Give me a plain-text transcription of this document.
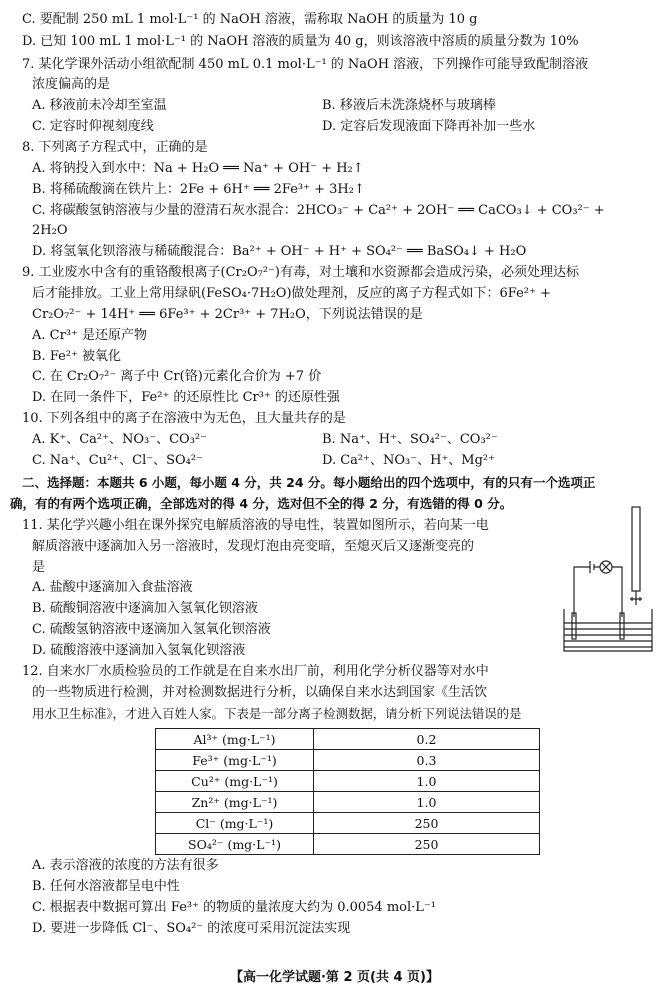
C. 要配制 250 mL 1 mol·L⁻¹ 的 NaOH 溶液，需称取 NaOH 的质量为 10 g
D. 已知 100 mL 1 mol·L⁻¹ 的 NaOH 溶液的质量为 40 g，则该溶液中溶质的质量分数为 10%
7. 某化学课外活动小组欲配制 450 mL 0.1 mol·L⁻¹ 的 NaOH 溶液，下列操作可能导致配制溶液
浓度偏高的是
A. 移液前未冷却至室温	B. 移液后未洗涤烧杯与玻璃棒
C. 定容时仰视刻度线	D. 定容后发现液面下降再补加一些水
8. 下列离子方程式中，正确的是
A. 将钠投入到水中：Na + H₂O ══ Na⁺ + OH⁻ + H₂↑
B. 将稀硫酸滴在铁片上：2Fe + 6H⁺ ══ 2Fe³⁺ + 3H₂↑
C. 将碳酸氢钠溶液与少量的澄清石灰水混合：2HCO₃⁻ + Ca²⁺ + 2OH⁻ ══ CaCO₃↓ + CO₃²⁻ +
2H₂O
D. 将氢氧化钡溶液与稀硫酸混合：Ba²⁺ + OH⁻ + H⁺ + SO₄²⁻ ══ BaSO₄↓ + H₂O
9. 工业废水中含有的重铬酸根离子(Cr₂O₇²⁻)有毒，对土壤和水资源都会造成污染，必须处理达标
后才能排放。工业上常用绿矾(FeSO₄·7H₂O)做处理剂，反应的离子方程式如下：6Fe²⁺ +
Cr₂O₇²⁻ + 14H⁺ ══ 6Fe³⁺ + 2Cr³⁺ + 7H₂O，下列说法错误的是
A. Cr³⁺ 是还原产物
B. Fe²⁺ 被氧化
C. 在 Cr₂O₇²⁻ 离子中 Cr(铬)元素化合价为 +7 价
D. 在同一条件下，Fe²⁺ 的还原性比 Cr³⁺ 的还原性强
10. 下列各组中的离子在溶液中为无色，且大量共存的是
A. K⁺、Ca²⁺、NO₃⁻、CO₃²⁻	B. Na⁺、H⁺、SO₄²⁻、CO₃²⁻
C. Na⁺、Cu²⁺、Cl⁻、SO₄²⁻	D. Ca²⁺、NO₃⁻、H⁺、Mg²⁺
二、选择题：本题共 6 小题，每小题 4 分，共 24 分。每小题给出的四个选项中，有的只有一个选项正
确，有的有两个选项正确，全部选对的得 4 分，选对但不全的得 2 分，有选错的得 0 分。
11. 某化学兴趣小组在课外探究电解质溶液的导电性，装置如图所示，若向某一电
解质溶液中逐滴加入另一溶液时，发现灯泡由亮变暗，至熄灭后又逐渐变亮的
是
A. 盐酸中逐滴加入食盐溶液
B. 硫酸铜溶液中逐滴加入氢氧化钡溶液
C. 硫酸氢钠溶液中逐滴加入氢氧化钡溶液
D. 硫酸溶液中逐滴加入氢氧化钡溶液
12. 自来水厂水质检验员的工作就是在自来水出厂前，利用化学分析仪器等对水中
的一些物质进行检测，并对检测数据进行分析，以确保自来水达到国家《生活饮
用水卫生标准》，才进入百姓人家。下表是一部分离子检测数据，请分析下列说法错误的是
Al³⁺ (mg·L⁻¹)	0.2
Fe³⁺ (mg·L⁻¹)	0.3
Cu²⁺ (mg·L⁻¹)	1.0
Zn²⁺ (mg·L⁻¹)	1.0
Cl⁻ (mg·L⁻¹)	250
SO₄²⁻ (mg·L⁻¹)	250
A. 表示溶液的浓度的方法有很多
B. 任何水溶液都呈电中性
C. 根据表中数据可算出 Fe³⁺ 的物质的量浓度大约为 0.0054 mol·L⁻¹
D. 要进一步降低 Cl⁻、SO₄²⁻ 的浓度可采用沉淀法实现
【高一化学试题·第 2 页(共 4 页)】
